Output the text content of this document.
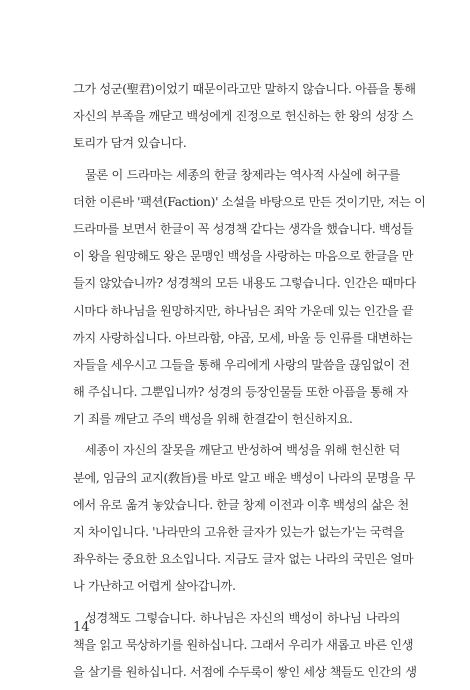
그가 성군(聖君)이었기 때문이라고만 말하지 않습니다. 아픔을 통해
자신의 부족을 깨닫고 백성에게 진정으로 헌신하는 한 왕의 성장 스
토리가 담겨 있습니다.

물론 이 드라마는 세종의 한글 창제라는 역사적 사실에 허구를
더한 이른바 '팩션(Faction)' 소설을 바탕으로 만든 것이기만, 저는 이
드라마를 보면서 한글이 꼭 성경책 같다는 생각을 했습니다. 백성들
이 왕을 원망해도 왕은 문맹인 백성을 사랑하는 마음으로 한글을 만
들지 않았습니까? 성경책의 모든 내용도 그렇습니다. 인간은 때마다
시마다 하나님을 원망하지만, 하나님은 죄악 가운데 있는 인간을 끝
까지 사랑하십니다. 아브라함, 야곱, 모세, 바울 등 인류를 대변하는
자들을 세우시고 그들을 통해 우리에게 사랑의 말씀을 끊임없이 전
해 주십니다. 그뿐입니까? 성경의 등장인물들 또한 아픔을 통해 자
기 죄를 깨닫고 주의 백성을 위해 한결같이 헌신하지요.

세종이 자신의 잘못을 깨닫고 반성하여 백성을 위해 헌신한 덕
분에, 임금의 교지(敎旨)를 바로 알고 배운 백성이 나라의 문명을 무
에서 유로 옮겨 놓았습니다. 한글 창제 이전과 이후 백성의 삶은 천
지 차이입니다. '나라만의 고유한 글자가 있는가 없는가'는 국력을
좌우하는 중요한 요소입니다. 지금도 글자 없는 나라의 국민은 얼마
나 가난하고 어렵게 살아갑니까.

성경책도 그렇습니다. 하나님은 자신의 백성이 하나님 나라의
책을 읽고 묵상하기를 원하십니다. 그래서 우리가 새롭고 바른 인생
을 살기를 원하십니다. 서점에 수두룩이 쌓인 세상 책들도 인간의 생

14
